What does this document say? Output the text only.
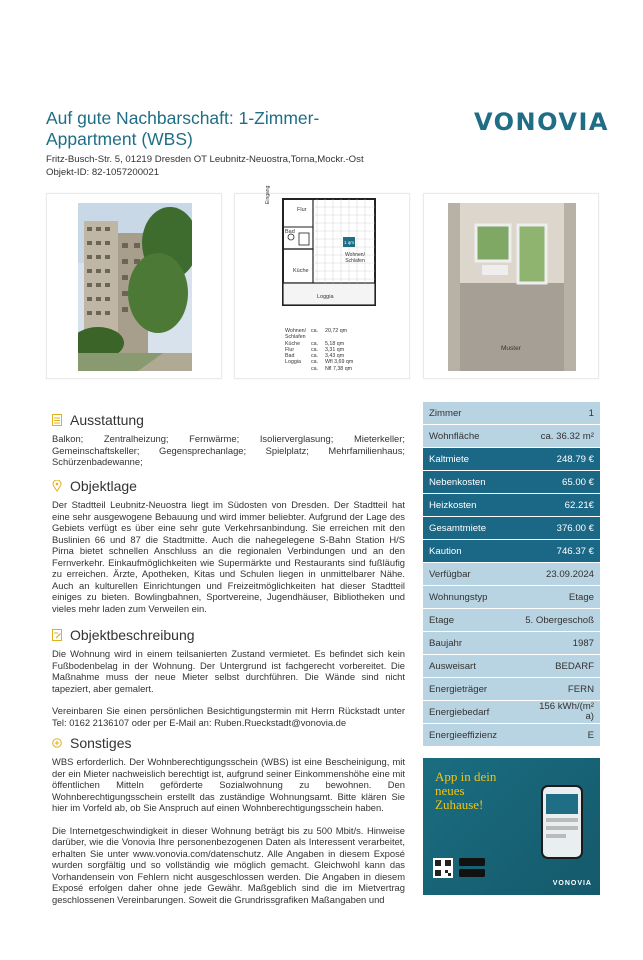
Auf gute Nachbarschaft: 1-Zimmer-Appartment (WBS)
VONOVIA
Fritz-Busch-Str. 5, 01219 Dresden OT Leubnitz-Neuostra,Torna,Mockr.-Ost
Objekt-ID: 82-1057200021
Eingang
Flur
Bad
1 qm
Wohnen/ Schlafen
Küche
Loggia
Wohnen/ Schlafen
ca.	20,72 qm
Küche	ca.	5,18 qm
Flur	ca.	3,31 qm
Bad	ca.	3,43 qm
Loggia	ca.	Wfl 3,69 qm
ca.	Nfl 7,38 qm
Muster
Ausstattung
Balkon; Zentralheizung; Fernwärme; Isolierverglasung; Mieterkeller; Gemeinschaftskeller; Gegensprechanlage; Spielplatz; Mehrfamilienhaus; Schürzenbadewanne;
Objektlage
Der Stadtteil Leubnitz-Neuostra liegt im Südosten von Dresden. Der Stadtteil hat eine sehr ausgewogene Bebauung und wird immer beliebter. Aufgrund der Lage des Gebiets verfügt es über eine sehr gute Verkehrsanbindung. Sie erreichen mit den Buslinien 66 und 87 die Stadtmitte. Auch die nahegelegene S-Bahn Station H/S Pirna bietet schnellen Anschluss an die regionalen Verbindungen und an den Fernverkehr. Einkaufmöglichkeiten wie Supermärkte und Restaurants sind fußläufig zu erreichen. Ärzte, Apotheken, Kitas und Schulen liegen in unmittelbarer Nähe. Auch an kulturellen Einrichtungen und Freizeitmöglichkeiten hat dieser Stadtteil einiges zu bieten. Bowlingbahnen, Sportvereine, Jugendhäuser, Bibliotheken und vieles mehr laden zum Verweilen ein.
Objektbeschreibung
Die Wohnung wird in einem teilsanierten Zustand vermietet. Es befindet sich kein Fußbodenbelag in der Wohnung. Der Untergrund ist fachgerecht vorbereitet. Die Maßnahme muss der neue Mieter selbst durchführen. Die Wände sind nicht tapeziert, aber gemalert.
Vereinbaren Sie einen persönlichen Besichtigungstermin mit Herrn Rückstadt unter Tel: 0162 2136107 oder per E-Mail an: Ruben.Rueckstadt@vonovia.de
Sonstiges
WBS erforderlich. Der Wohnberechtigungsschein (WBS) ist eine Bescheinigung, mit der ein Mieter nachweislich berechtigt ist, aufgrund seiner Einkommenshöhe eine mit öffentlichen Mitteln geförderte Sozialwohnung zu bewohnen. Den Wohnberechtigungsschein erstellt das zuständige Wohnungsamt. Bitte klären Sie hier im Vorfeld ab, ob Sie Anspruch auf einen Wohnberechtigungsschein haben.
Die Internetgeschwindigkeit in dieser Wohnung beträgt bis zu 500 Mbit/s. Hinweise darüber, wie die Vonovia Ihre personenbezogenen Daten als Interessent verarbeitet, erhalten Sie unter www.vonovia.com/datenschutz. Alle Angaben in diesem Exposé wurden sorgfältig und so vollständig wie möglich gemacht. Gleichwohl kann das Vorhandensein von Fehlern nicht ausgeschlossen werden. Die Angaben in diesem Exposé erfolgen daher ohne jede Gewähr. Maßgeblich sind die im Mietvertrag geschlossenen Vereinbarungen. Soweit die Grundrissgrafiken Maßangaben und
Zimmer	1
Wohnfläche	ca. 36.32 m²
Kaltmiete	248.79 €
Nebenkosten	65.00 €
Heizkosten	62.21€
Gesamtmiete	376.00 €
Kaution	746.37 €
Verfügbar	23.09.2024
Wohnungstyp	Etage
Etage	5. Obergeschoß
Baujahr	1987
Ausweisart	BEDARF
Energieträger	FERN
Energiebedarf	156 kWh/(m² a)
Energieeffizienz	E
App in dein neues Zuhause!
VONOVIA
